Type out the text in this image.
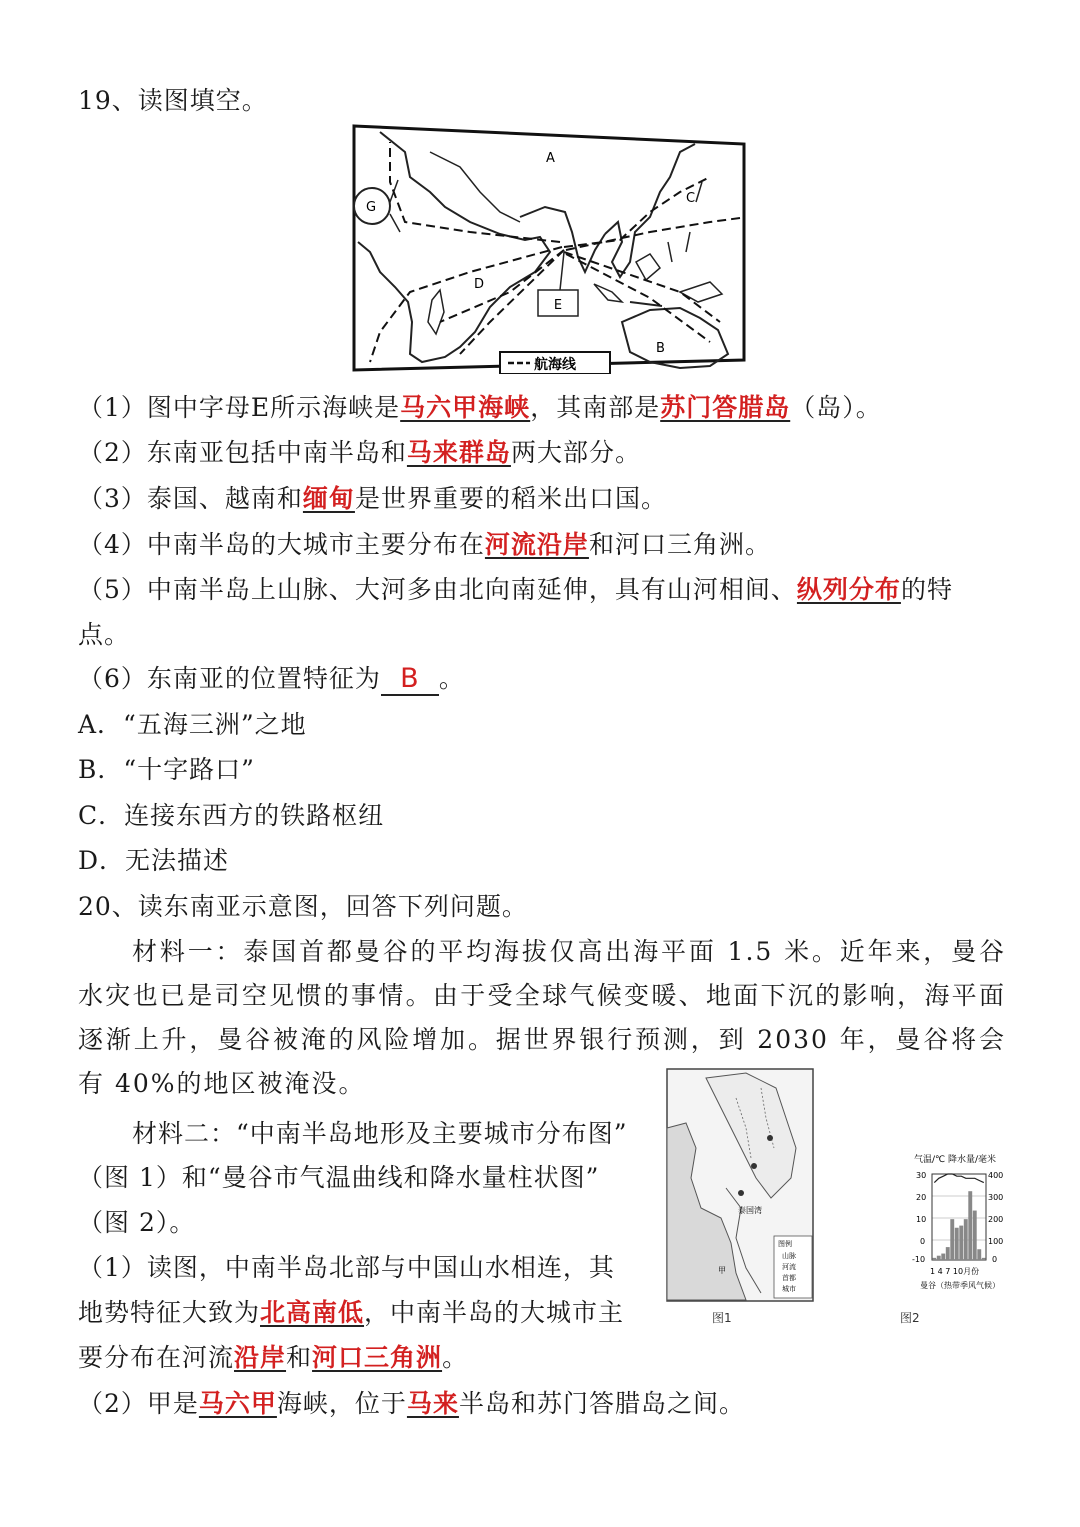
19、读图填空。
E
A
B
C
D
G
航海线
（1）图中字母E所示海峡是马六甲海峡，其南部是苏门答腊岛（岛）。
（2）东南亚包括中南半岛和马来群岛两大部分。
（3）泰国、越南和缅甸是世界重要的稻米出口国。
（4）中南半岛的大城市主要分布在河流沿岸和河口三角洲。
（5）中南半岛上山脉、大河多由北向南延伸，具有山河相间、纵列分布的特
点。
（6）东南亚的位置特征为 B 。
A．“五海三洲”之地
B．“十字路口”
C．连接东西方的铁路枢纽
D．无法描述
20、读东南亚示意图，回答下列问题。
材料一：泰国首都曼谷的平均海拔仅高出海平面 1.5 米。近年来，曼谷水灾也已是司空见惯的事情。由于受全球气候变暖、地面下沉的影响，海平面逐渐上升，曼谷被淹的风险增加。据世界银行预测，到 2030 年，曼谷将会有 40%的地区被淹没。
材料二：“中南半岛地形及主要城市分布图”
（图 1）和“曼谷市气温曲线和降水量柱状图”
（图 2）。
（1）读图，中南半岛北部与中国山水相连，其
地势特征大致为北高南低，中南半岛的大城市主
要分布在河流沿岸和河口三角洲。
（2）甲是马六甲海峡，位于马来半岛和苏门答腊岛之间。
泰国湾
甲
图例
山脉
河流
首都
城市
图1
气温/℃ 降水量/毫米
30
20
10
0
-10
400
300
200
100
0
1 4 7 10月份
曼谷（热带季风气候）
图2
